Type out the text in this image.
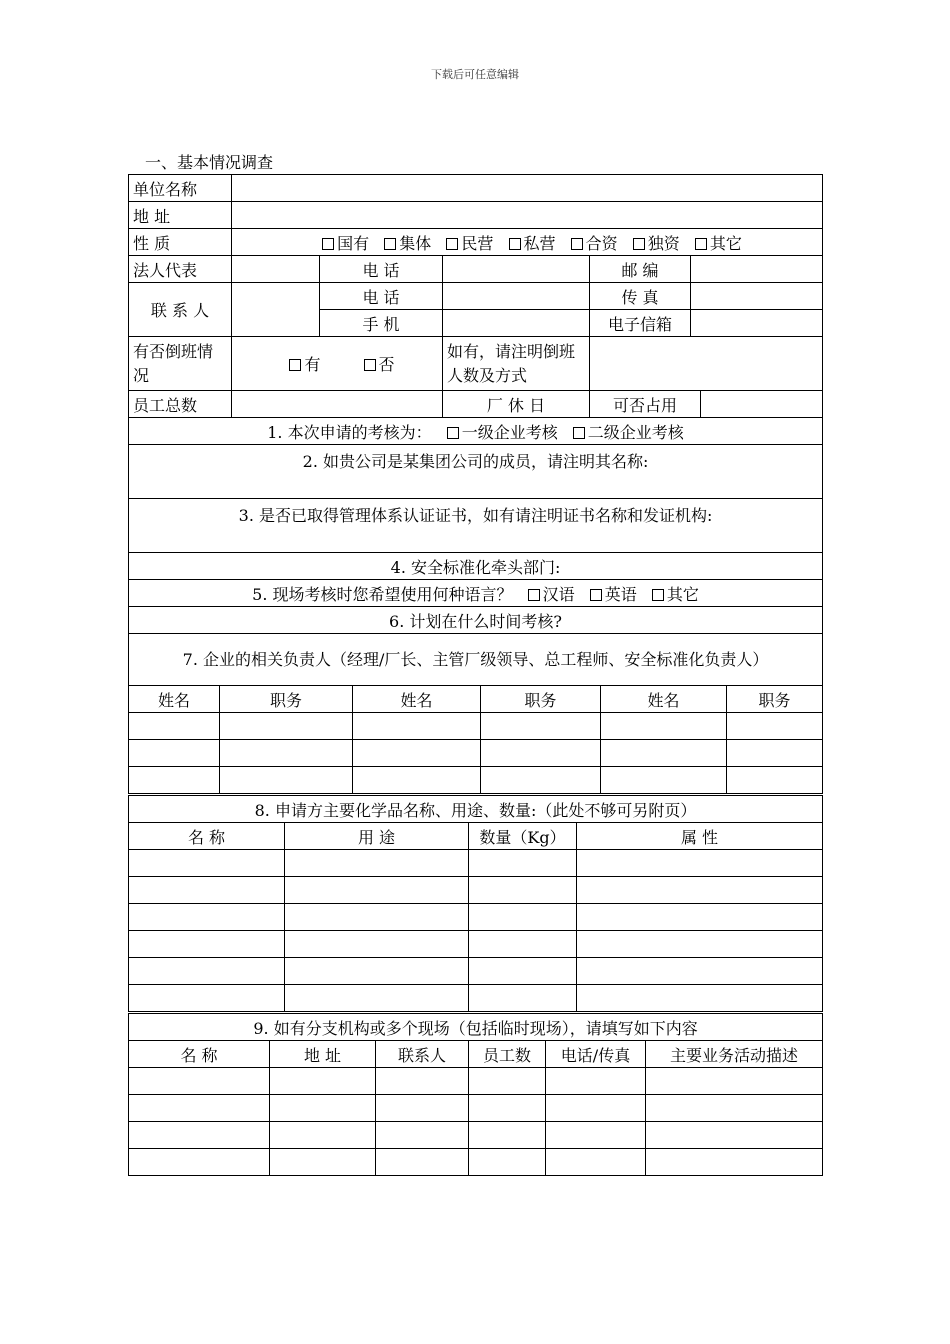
下载后可任意编辑
一、基本情况调查
单位名称						
地 址						
性 质	国有 集体 民营 私营 合资 独资 其它					
法人代表		电 话		邮 编		
联 系 人		电 话		传 真		
		手 机		电子信箱		
有否倒班情 况	有 否		如有，请注明倒班人数及方式			
员工总数			厂 休 日	可否占用		
1. 本次申请的考核为： 一级企业考核 二级企业考核					
2. 如贵公司是某集团公司的成员，请注明其名称:					
3. 是否已取得管理体系认证证书，如有请注明证书名称和发证机构:					
4. 安全标准化牵头部门:					
5. 现场考核时您希望使用何种语言？ 汉语 英语 其它					
6. 计划在什么时间考核?					
7. 企业的相关负责人（经理/厂长、主管厂级领导、总工程师、安全标准化负责人）					
姓名	职务	姓名	职务	姓名	职务

8. 申请方主要化学品名称、用途、数量:（此处不够可另附页）			
名 称	用 途	数量（Kg）	属 性

9. 如有分支机构或多个现场（包括临时现场），请填写如下内容					
名 称	地 址	联系人	员工数	电话/传真	主要业务活动描述
